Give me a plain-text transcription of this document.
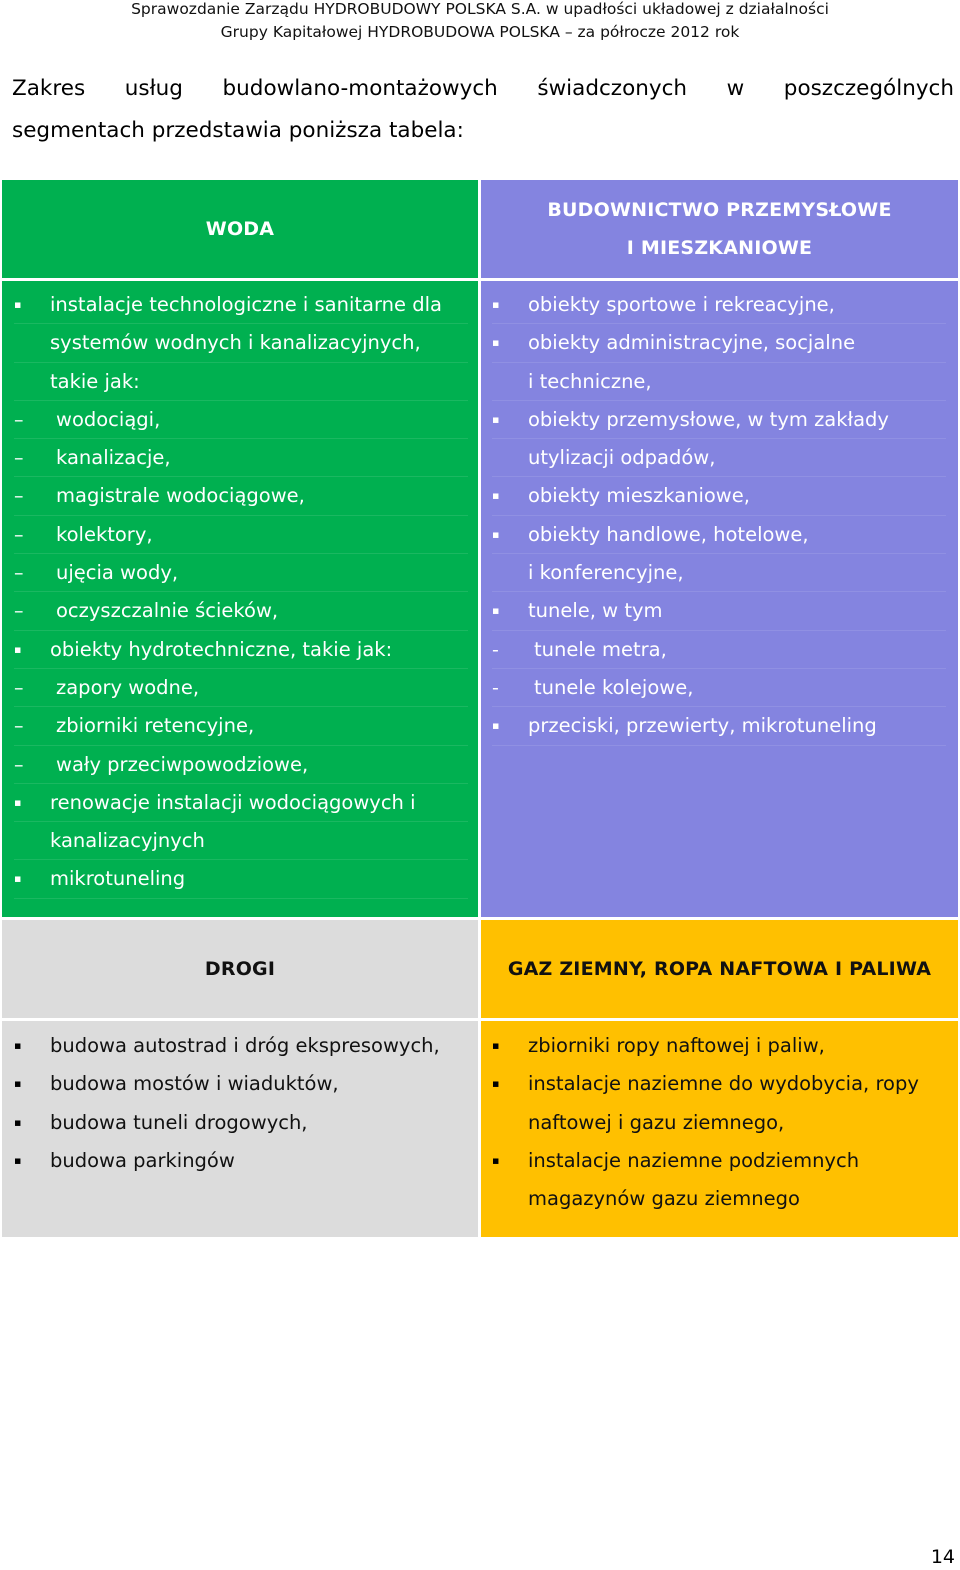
Sprawozdanie Zarządu HYDROBUDOWY POLSKA S.A. w upadłości układowej z działalności
Grupy Kapitałowej HYDROBUDOWA POLSKA – za półrocze 2012 rok
Zakres usług budowlano-montażowych świadczonych w poszczególnych
segmentach przedstawia poniższa tabela:
WODA
BUDOWNICTWO PRZEMYSŁOWE
I MIESZKANIOWE
▪	instalacje technologiczne i sanitarne dla
systemów wodnych i kanalizacyjnych,
takie jak:
–	wodociągi,
–	kanalizacje,
–	magistrale wodociągowe,
–	kolektory,
–	ujęcia wody,
–	oczyszczalnie ścieków,
▪	obiekty hydrotechniczne, takie jak:
–	zapory wodne,
–	zbiorniki retencyjne,
–	wały przeciwpowodziowe,
▪	renowacje instalacji wodociągowych i
kanalizacyjnych
▪	mikrotuneling
▪	obiekty sportowe i rekreacyjne,
▪	obiekty administracyjne, socjalne
i techniczne,
▪	obiekty przemysłowe, w tym zakłady
utylizacji odpadów,
▪	obiekty mieszkaniowe,
▪	obiekty handlowe, hotelowe,
i konferencyjne,
▪	tunele, w tym
-	tunele metra,
-	tunele kolejowe,
▪	przeciski, przewierty, mikrotuneling
DROGI	GAZ ZIEMNY, ROPA NAFTOWA I PALIWA
▪	budowa autostrad i dróg ekspresowych,
▪	budowa mostów i wiaduktów,
▪	budowa tuneli drogowych,
▪	budowa parkingów
▪	zbiorniki ropy naftowej i paliw,
▪	instalacje naziemne do wydobycia, ropy
naftowej i gazu ziemnego,
▪	instalacje naziemne podziemnych
magazynów gazu ziemnego
14
